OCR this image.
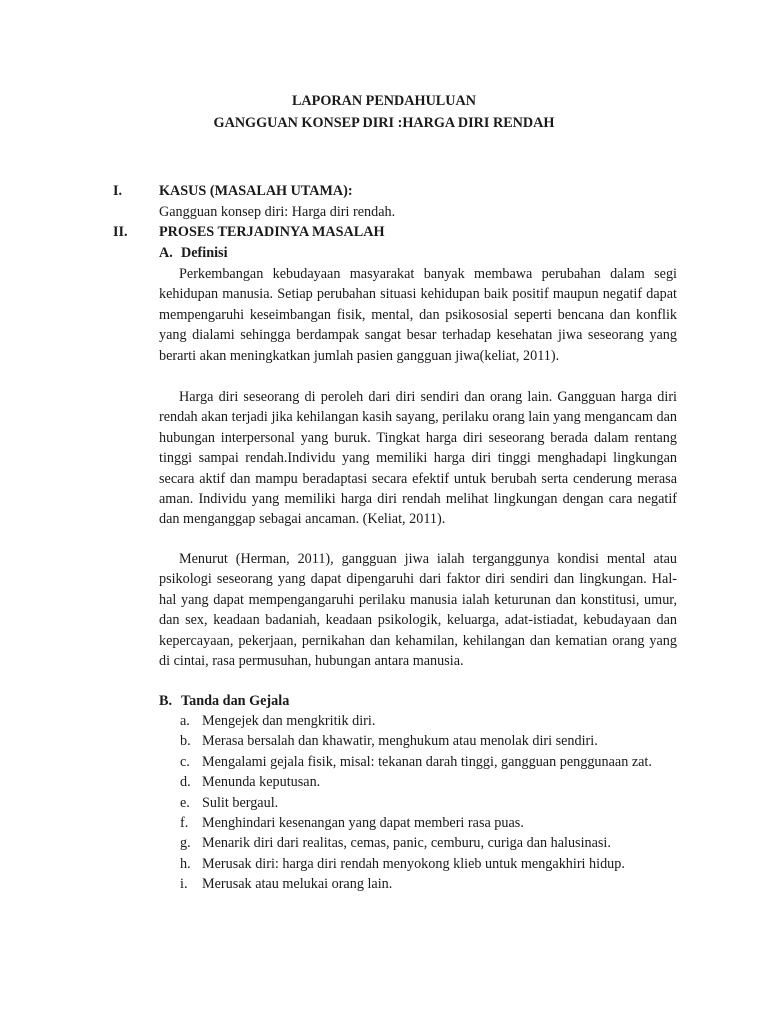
LAPORAN PENDAHULUAN
GANGGUAN KONSEP DIRI :HARGA DIRI RENDAH
I.	KASUS (MASALAH UTAMA):
Gangguan konsep diri: Harga diri rendah.
II. PROSES TERJADINYA MASALAH
A. Definisi

Perkembangan kebudayaan masyarakat banyak membawa perubahan dalam segi kehidupan manusia. Setiap perubahan situasi kehidupan baik positif maupun negatif dapat mempengaruhi keseimbangan fisik, mental, dan psikososial seperti bencana dan konflik yang dialami sehingga berdampak sangat besar terhadap kesehatan jiwa seseorang yang berarti akan meningkatkan jumlah pasien gangguan jiwa(keliat, 2011).

Harga diri seseorang di peroleh dari diri sendiri dan orang lain. Gangguan harga diri rendah akan terjadi jika kehilangan kasih sayang, perilaku orang lain yang mengancam dan hubungan interpersonal yang buruk. Tingkat harga diri seseorang berada dalam rentang tinggi sampai rendah.Individu yang memiliki harga diri tinggi menghadapi lingkungan secara aktif dan mampu beradaptasi secara efektif untuk berubah serta cenderung merasa aman. Individu yang memiliki harga diri rendah melihat lingkungan dengan cara negatif dan menganggap sebagai ancaman. (Keliat, 2011).

Menurut (Herman, 2011), gangguan jiwa ialah terganggunya kondisi mental atau psikologi seseorang yang dapat dipengaruhi dari faktor diri sendiri dan lingkungan. Hal-hal yang dapat mempengangaruhi perilaku manusia ialah keturunan dan konstitusi, umur, dan sex, keadaan badaniah, keadaan psikologik, keluarga, adat-istiadat, kebudayaan dan kepercayaan, pekerjaan, pernikahan dan kehamilan, kehilangan dan kematian orang yang di cintai, rasa permusuhan, hubungan antara manusia.

B. Tanda dan Gejala
a. Mengejek dan mengkritik diri.
b. Merasa bersalah dan khawatir, menghukum atau menolak diri sendiri.
c. Mengalami gejala fisik, misal: tekanan darah tinggi, gangguan penggunaan zat.
d. Menunda keputusan.
e. Sulit bergaul.
f. Menghindari kesenangan yang dapat memberi rasa puas.
g. Menarik diri dari realitas, cemas, panic, cemburu, curiga dan halusinasi.
h. Merusak diri: harga diri rendah menyokong klieb untuk mengakhiri hidup.
i. Merusak atau melukai orang lain.
